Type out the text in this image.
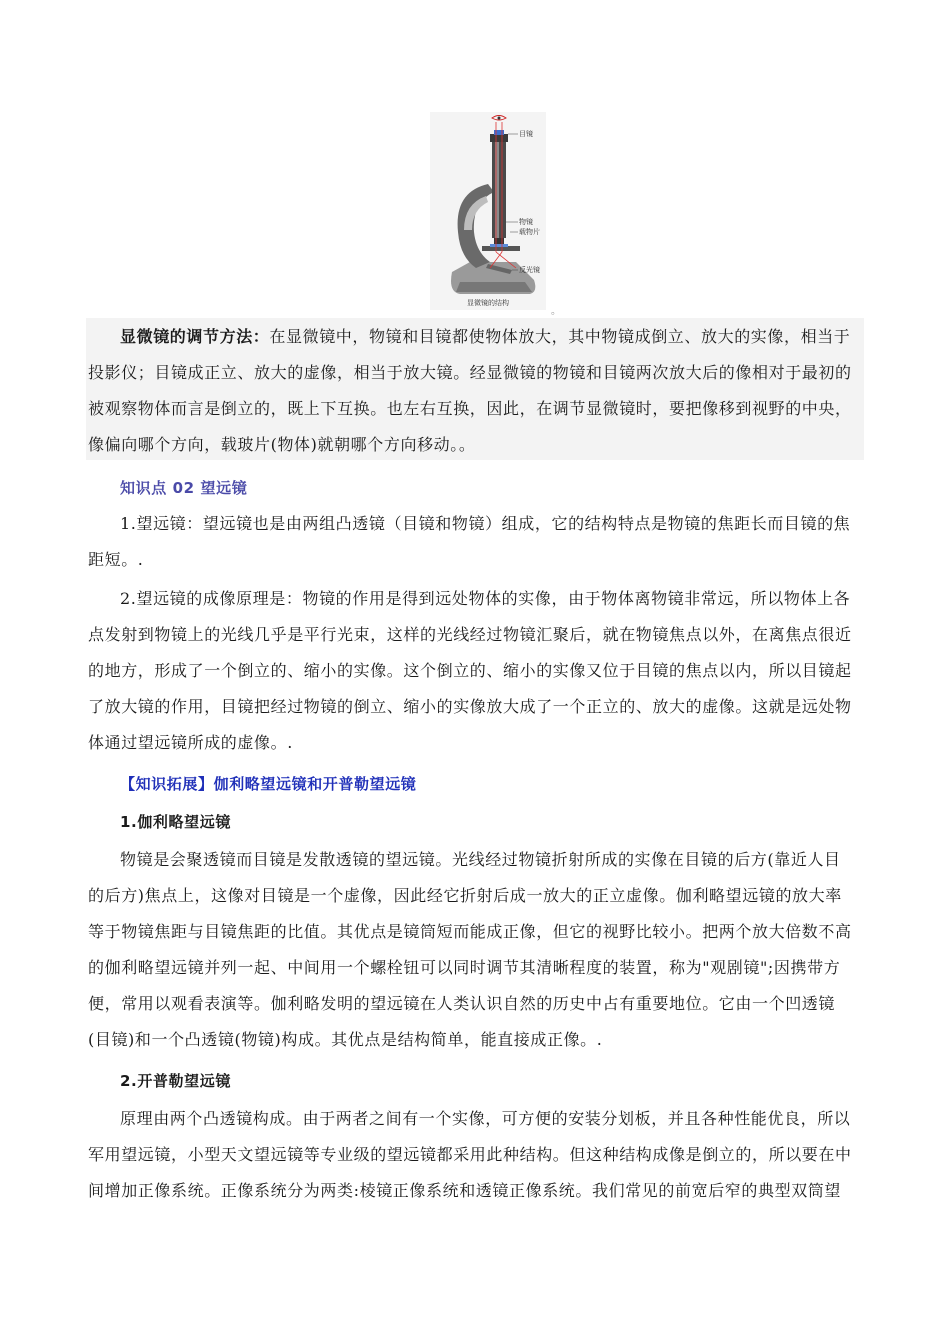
目镜
物镜
载物片
反光镜
显微镜的结构
。
显微镜的调节方法：在显微镜中，物镜和目镜都使物体放大，其中物镜成倒立、放大的实像，相当于
投影仪；目镜成正立、放大的虚像，相当于放大镜。经显微镜的物镜和目镜两次放大后的像相对于最初的
被观察物体而言是倒立的，既上下互换。也左右互换，因此，在调节显微镜时，要把像移到视野的中央，
像偏向哪个方向，载玻片(物体)就朝哪个方向移动。。
知识点 02 望远镜
1.望远镜：望远镜也是由两组凸透镜（目镜和物镜）组成，它的结构特点是物镜的焦距长而目镜的焦
距短。.
2.望远镜的成像原理是：物镜的作用是得到远处物体的实像，由于物体离物镜非常远，所以物体上各
点发射到物镜上的光线几乎是平行光束，这样的光线经过物镜汇聚后，就在物镜焦点以外，在离焦点很近
的地方，形成了一个倒立的、缩小的实像。这个倒立的、缩小的实像又位于目镜的焦点以内，所以目镜起
了放大镜的作用，目镜把经过物镜的倒立、缩小的实像放大成了一个正立的、放大的虚像。这就是远处物
体通过望远镜所成的虚像。.
【知识拓展】伽利略望远镜和开普勒望远镜
1.伽利略望远镜
物镜是会聚透镜而目镜是发散透镜的望远镜。光线经过物镜折射所成的实像在目镜的后方(靠近人目
的后方)焦点上，这像对目镜是一个虚像，因此经它折射后成一放大的正立虚像。伽利略望远镜的放大率
等于物镜焦距与目镜焦距的比值。其优点是镜筒短而能成正像，但它的视野比较小。把两个放大倍数不高
的伽利略望远镜并列一起、中间用一个螺栓钮可以同时调节其清晰程度的装置，称为"观剧镜";因携带方
便，常用以观看表演等。伽利略发明的望远镜在人类认识自然的历史中占有重要地位。它由一个凹透镜
(目镜)和一个凸透镜(物镜)构成。其优点是结构简单，能直接成正像。.
2.开普勒望远镜
原理由两个凸透镜构成。由于两者之间有一个实像，可方便的安装分划板，并且各种性能优良，所以
军用望远镜，小型天文望远镜等专业级的望远镜都采用此种结构。但这种结构成像是倒立的，所以要在中
间增加正像系统。正像系统分为两类:棱镜正像系统和透镜正像系统。我们常见的前宽后窄的典型双筒望
